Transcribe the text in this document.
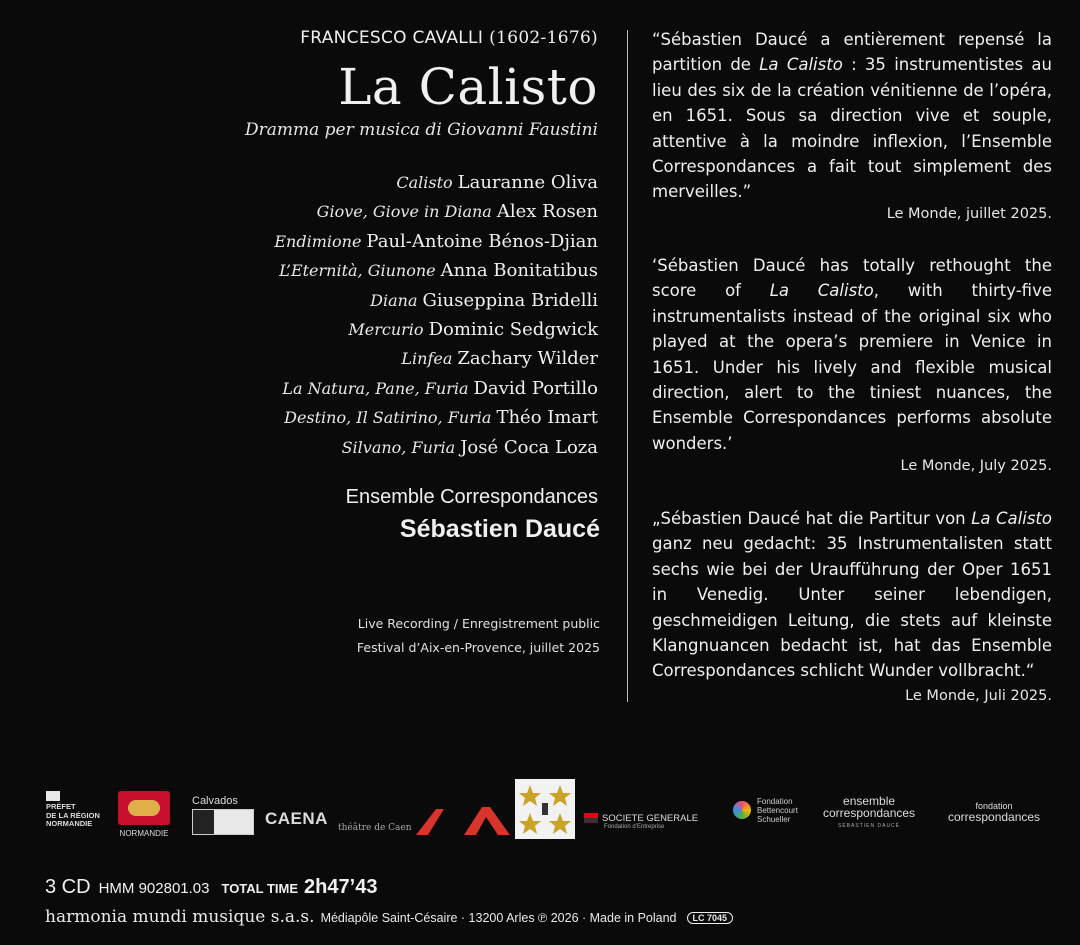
FRANCESCO CAVALLI (1602-1676)
La Calisto
Dramma per musica di Giovanni Faustini
Calisto Lauranne Oliva
Giove, Giove in Diana Alex Rosen
Endimione Paul-Antoine Bénos-Djian
L’Eternità, Giunone Anna Bonitatibus
Diana Giuseppina Bridelli
Mercurio Dominic Sedgwick
Linfea Zachary Wilder
La Natura, Pane, Furia David Portillo
Destino, Il Satirino, Furia Théo Imart
Silvano, Furia José Coca Loza
Ensemble Correspondances
Sébastien Daucé
Live Recording / Enregistrement public
Festival d’Aix-en-Provence, juillet 2025
“Sébastien Daucé a entièrement repensé la partition de La Calisto : 35 instrumentistes au lieu des six de la création vénitienne de l’opéra, en 1651. Sous sa direction vive et souple, attentive à la moindre inflexion, l’Ensemble Correspondances a fait tout simplement des merveilles.”
Le Monde, juillet 2025.
‘Sébastien Daucé has totally rethought the score of La Calisto, with thirty-five instrumentalists instead of the original six who played at the opera’s premiere in Venice in 1651. Under his lively and flexible musical direction, alert to the tiniest nuances, the Ensemble Correspondances performs absolute wonders.’
Le Monde, July 2025.
„Sébastien Daucé hat die Partitur von La Calisto ganz neu gedacht: 35 Instrumentalisten statt sechs wie bei der Uraufführung der Oper 1651 in Venedig. Unter seiner lebendigen, geschmeidigen Leitung, die stets auf kleinste Klangnuancen bedacht ist, hat das Ensemble Correspondances schlicht Wunder vollbracht.“
Le Monde, Juli 2025.
PRÉFET
DE LA RÉGION
NORMANDIE
NORMANDIE
Calvados
CAENA théâtre de Caen
SOCIETE GENERALE
Fondation d’Entreprise
Fondation
Bettencourt
Schueller
ensemble
correspondances
SÉBASTIEN DAUCÉ
fondation
correspondances
3 CD HMM 902801.03 TOTAL TIME 2h47’43
harmonia mundi musique s.a.s. Médiapôle Saint-Césaire · 13200 Arles ℗ 2026 · Made in Poland LC 7045
